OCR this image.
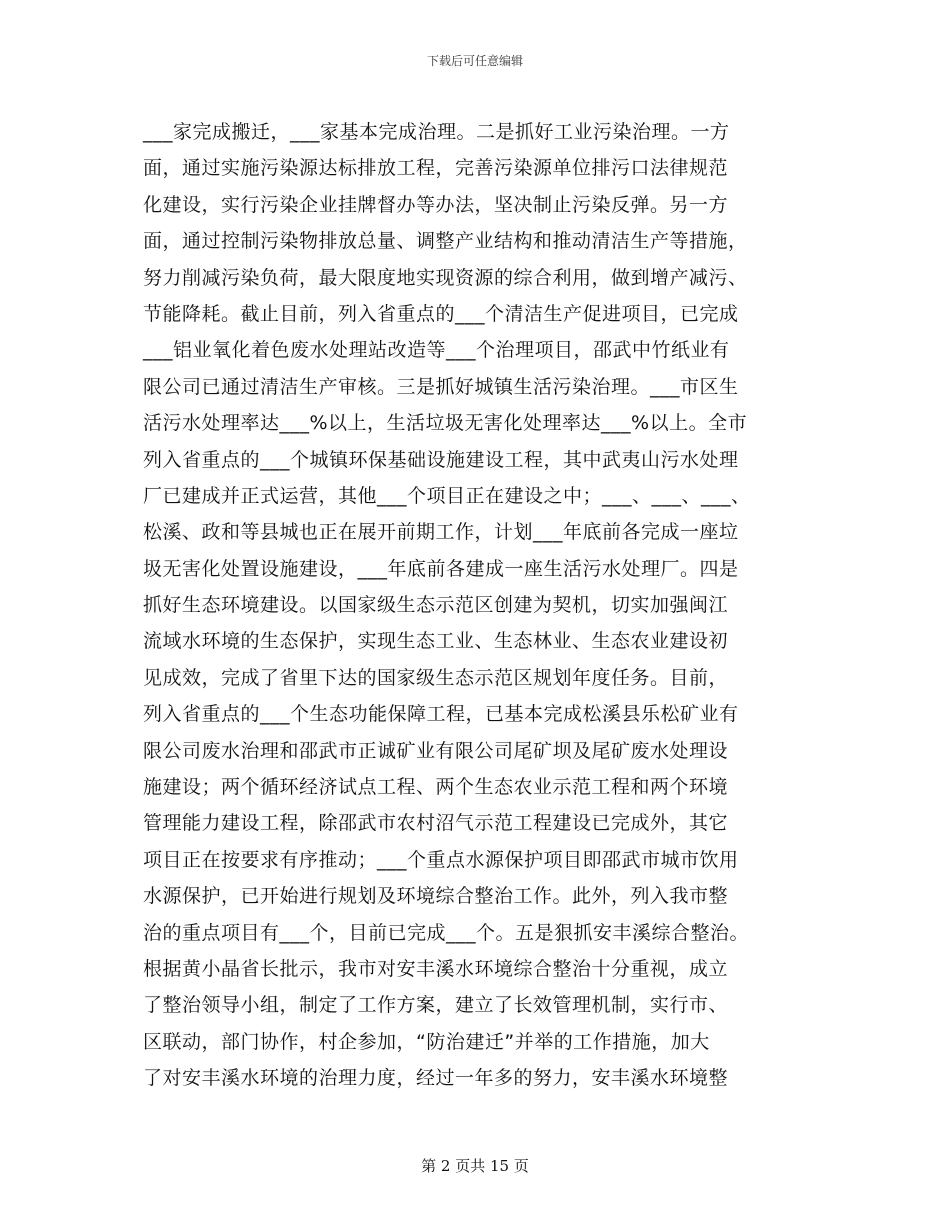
下载后可任意编辑
___家完成搬迁，___家基本完成治理。二是抓好工业污染治理。一方
面，通过实施污染源达标排放工程，完善污染源单位排污口法律规范
化建设，实行污染企业挂牌督办等办法，坚决制止污染反弹。另一方
面，通过控制污染物排放总量、调整产业结构和推动清洁生产等措施，
努力削减污染负荷，最大限度地实现资源的综合利用，做到增产减污、
节能降耗。截止目前，列入省重点的___个清洁生产促进项目，已完成
___铝业氧化着色废水处理站改造等___个治理项目，邵武中竹纸业有
限公司已通过清洁生产审核。三是抓好城镇生活污染治理。___市区生
活污水处理率达___%以上，生活垃圾无害化处理率达___%以上。全市
列入省重点的___个城镇环保基础设施建设工程，其中武夷山污水处理
厂已建成并正式运营，其他___个项目正在建设之中；___、___、___、
松溪、政和等县城也正在展开前期工作，计划___年底前各完成一座垃
圾无害化处置设施建设，___年底前各建成一座生活污水处理厂。四是
抓好生态环境建设。以国家级生态示范区创建为契机，切实加强闽江
流域水环境的生态保护，实现生态工业、生态林业、生态农业建设初
见成效，完成了省里下达的国家级生态示范区规划年度任务。目前，
列入省重点的___个生态功能保障工程，已基本完成松溪县乐松矿业有
限公司废水治理和邵武市正诚矿业有限公司尾矿坝及尾矿废水处理设
施建设；两个循环经济试点工程、两个生态农业示范工程和两个环境
管理能力建设工程，除邵武市农村沼气示范工程建设已完成外，其它
项目正在按要求有序推动；___个重点水源保护项目即邵武市城市饮用
水源保护，已开始进行规划及环境综合整治工作。此外，列入我市整
治的重点项目有___个，目前已完成___个。五是狠抓安丰溪综合整治。
根据黄小晶省长批示，我市对安丰溪水环境综合整治十分重视，成立
了整治领导小组，制定了工作方案，建立了长效管理机制，实行市、
区联动，部门协作，村企参加，“防治建迁”并举的工作措施，加大
了对安丰溪水环境的治理力度，经过一年多的努力，安丰溪水环境整
第 2 页共 15 页
